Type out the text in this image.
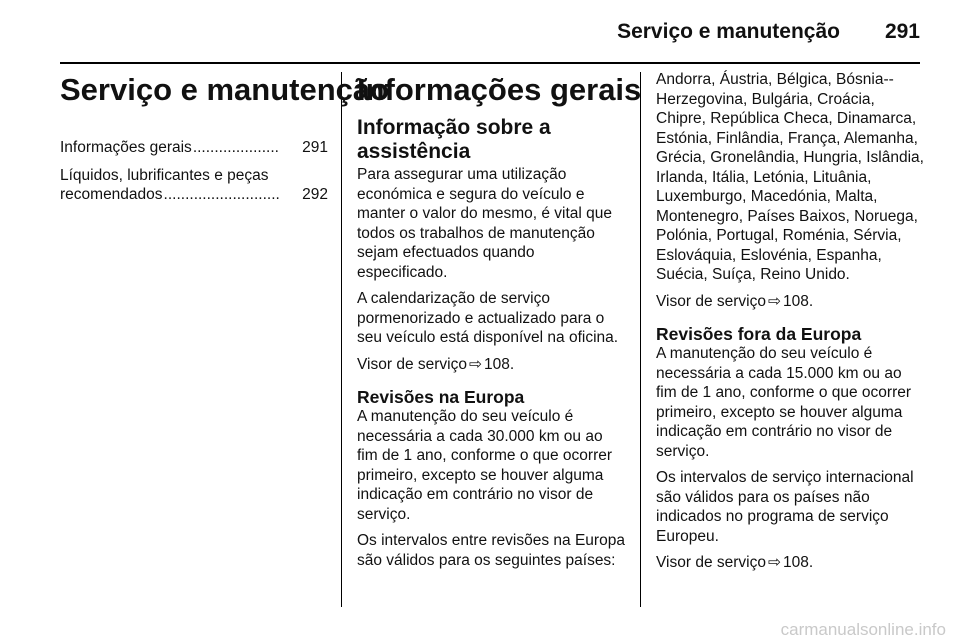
Serviço e manutenção 291
Serviço e manutenção
Informações gerais ....................	291
Líquidos, lubrificantes e peças
recomendados ...........................	292
Informações gerais
Informação sobre a assistência

Para assegurar uma utilização económica e segura do veículo e manter o valor do mesmo, é vital que todos os trabalhos de manutenção sejam efectuados quando especificado.

A calendarização de serviço pormenorizado e actualizado para o seu veículo está disponível na oficina.

Visor de serviço ⇨ 108.

Revisões na Europa

A manutenção do seu veículo é necessária a cada 30.000 km ou ao fim de 1 ano, conforme o que ocorrer primeiro, excepto se houver alguma indicação em contrário no visor de serviço.

Os intervalos entre revisões na Europa são válidos para os seguintes países:

Andorra, Áustria, Bélgica, Bósnia--Herzegovina, Bulgária, Croácia, Chipre, República Checa, Dinamarca, Estónia, Finlândia, França, Alemanha, Grécia, Gronelândia, Hungria, Islândia, Irlanda, Itália, Letónia, Lituânia, Luxemburgo, Macedónia, Malta, Montenegro, Países Baixos, Noruega, Polónia, Portugal, Roménia, Sérvia, Eslováquia, Eslovénia, Espanha, Suécia, Suíça, Reino Unido.

Visor de serviço ⇨ 108.

Revisões fora da Europa

A manutenção do seu veículo é necessária a cada 15.000 km ou ao fim de 1 ano, conforme o que ocorrer primeiro, excepto se houver alguma indicação em contrário no visor de serviço.

Os intervalos de serviço internacional são válidos para os países não indicados no programa de serviço Europeu.

Visor de serviço ⇨ 108.

carmanualsonline.info
